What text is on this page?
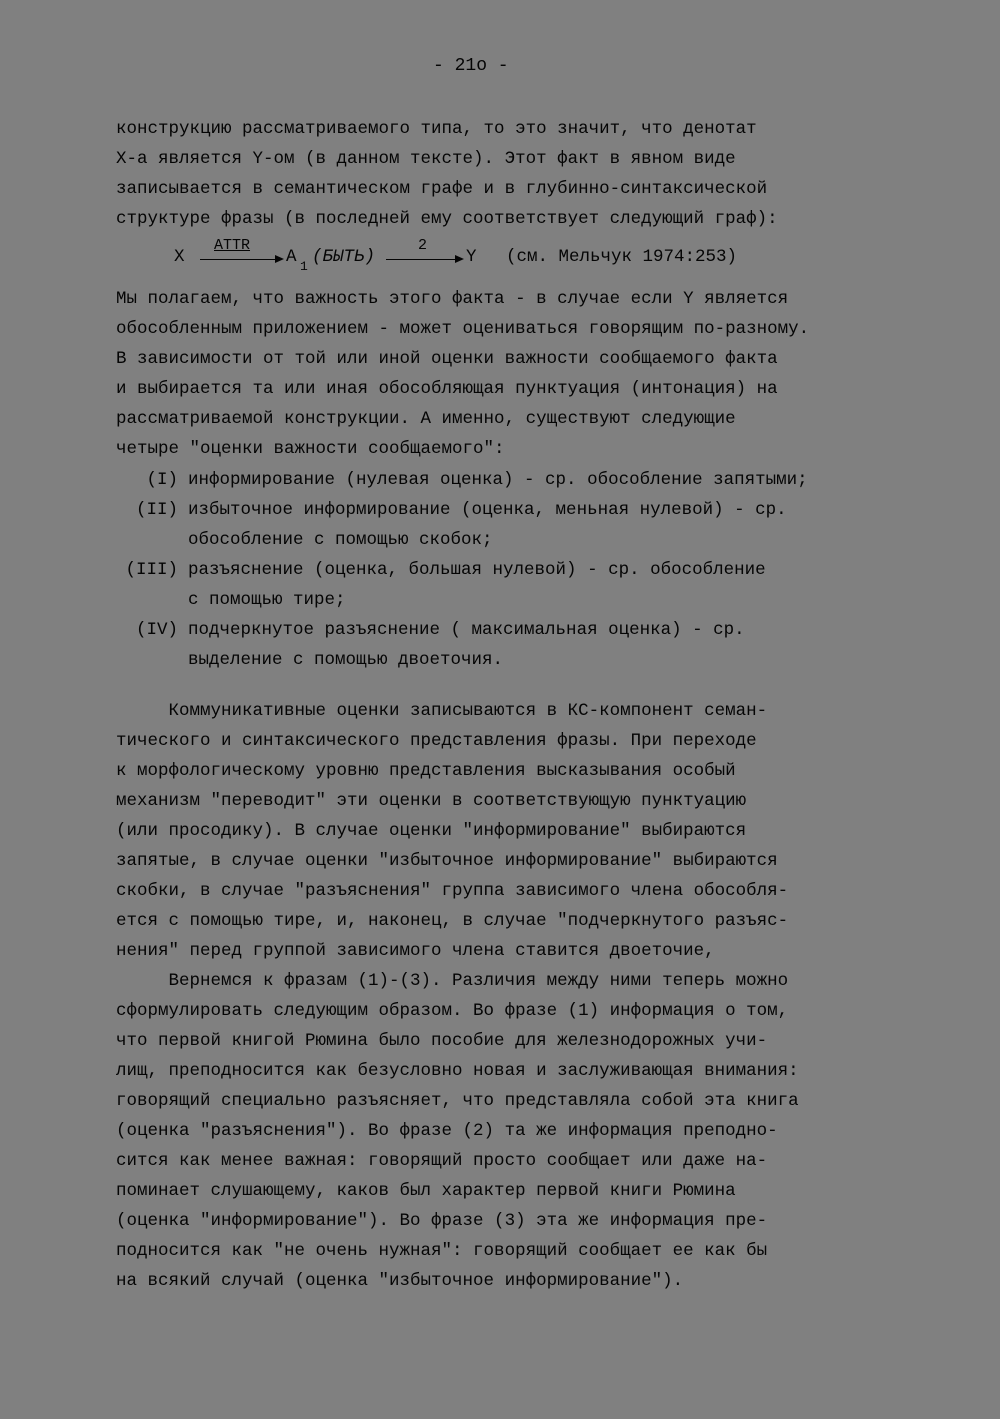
- 21о -
конструкцию рассматриваемого типа, то это значит, что денотат
X-а является Y-ом (в данном тексте). Этот факт в явном виде
записывается в семантическом графе и в глубинно-синтаксической
структуре фразы (в последней ему соответствует следующий граф):
X
ATTR
A 1 (БЫТЬ)
2
Y (см. Мельчук 1974:253)
Мы полагаем, что важность этого факта - в случае если Y является
обособленным приложением - может оцениваться говорящим по-разному.
В зависимости от той или иной оценки важности сообщаемого факта
и выбирается та или иная обособляющая пунктуация (интонация) на
рассматриваемой конструкции. А именно, существуют следующие
четыре "оценки важности сообщаемого":
(I) информирование (нулевая оценка) - ср. обособление запятыми;
(II) избыточное информирование (оценка, меньная нулевой) - ср.
обособление с помощью скобок;
(III) разъяснение (оценка, большая нулевой) - ср. обособление
с помощью тире;
(IV) подчеркнутое разъяснение ( максимальная оценка) - ср.
выделение с помощью двоеточия.
Коммуникативные оценки записываются в КС-компонент семан-
тического и синтаксического представления фразы. При переходе
к морфологическому уровню представления высказывания особый
механизм "переводит" эти оценки в соответствующую пунктуацию
(или просодику). В случае оценки "информирование" выбираются
запятые, в случае оценки "избыточное информирование" выбираются
скобки, в случае "разъяснения" группа зависимого члена обособля-
ется с помощью тире, и, наконец, в случае "подчеркнутого разъяс-
нения" перед группой зависимого члена ставится двоеточие,
Вернемся к фразам (1)-(3). Различия между ними теперь можно
сформулировать следующим образом. Во фразе (1) информация о том,
что первой книгой Рюмина было пособие для железнодорожных учи-
лищ, преподносится как безусловно новая и заслуживающая внимания:
говорящий специально разъясняет, что представляла собой эта книга
(оценка "разъяснения"). Во фразе (2) та же информация преподно-
сится как менее важная: говорящий просто сообщает или даже на-
поминает слушающему, каков был характер первой книги Рюмина
(оценка "информирование"). Во фразе (3) эта же информация пре-
подносится как "не очень нужная": говорящий сообщает ее как бы
на всякий случай (оценка "избыточное информирование").
